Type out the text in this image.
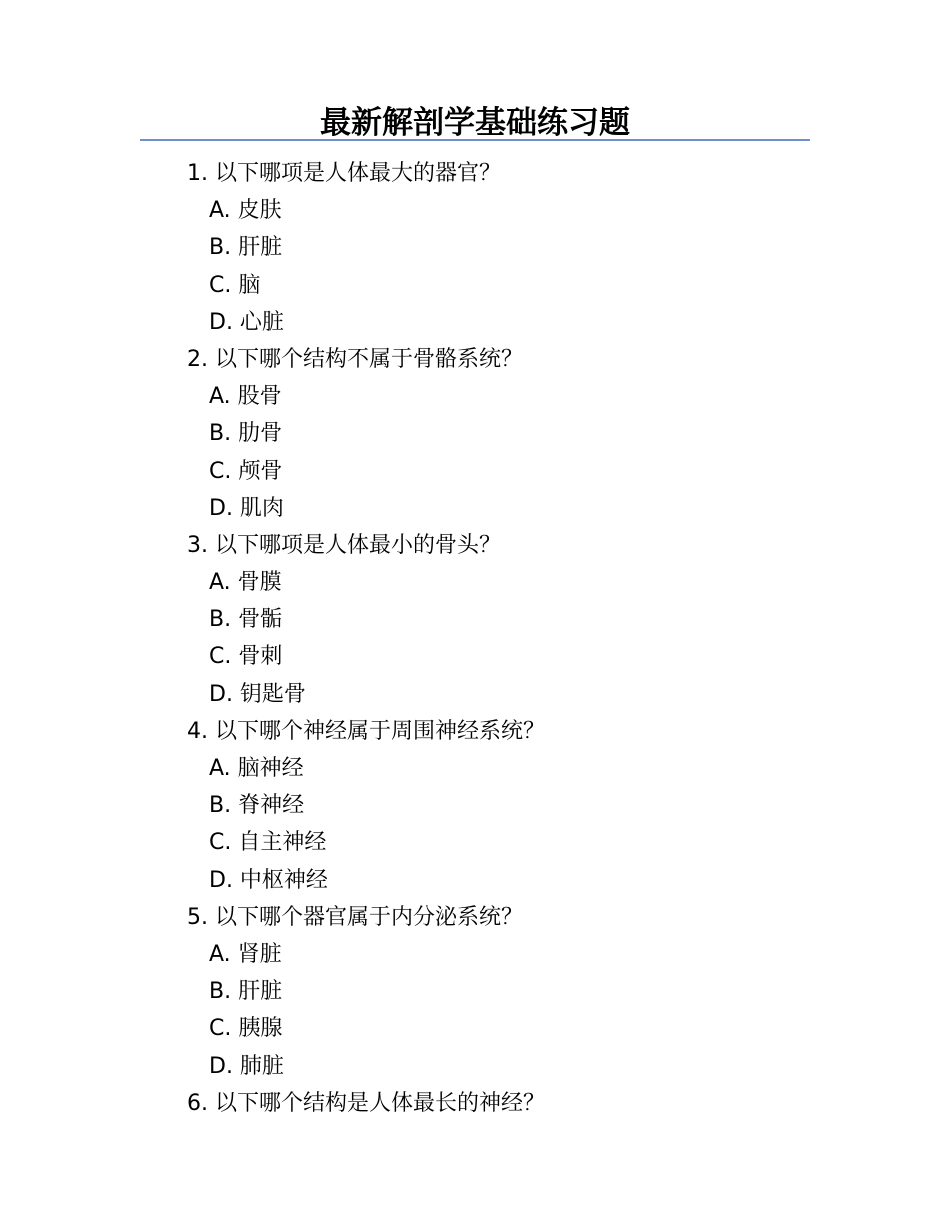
最新解剖学基础练习题
1. 以下哪项是人体最大的器官？
A. 皮肤
B. 肝脏
C. 脑
D. 心脏
2. 以下哪个结构不属于骨骼系统？
A. 股骨
B. 肋骨
C. 颅骨
D. 肌肉
3. 以下哪项是人体最小的骨头？
A. 骨膜
B. 骨骺
C. 骨刺
D. 钥匙骨
4. 以下哪个神经属于周围神经系统？
A. 脑神经
B. 脊神经
C. 自主神经
D. 中枢神经
5. 以下哪个器官属于内分泌系统？
A. 肾脏
B. 肝脏
C. 胰腺
D. 肺脏
6. 以下哪个结构是人体最长的神经？
